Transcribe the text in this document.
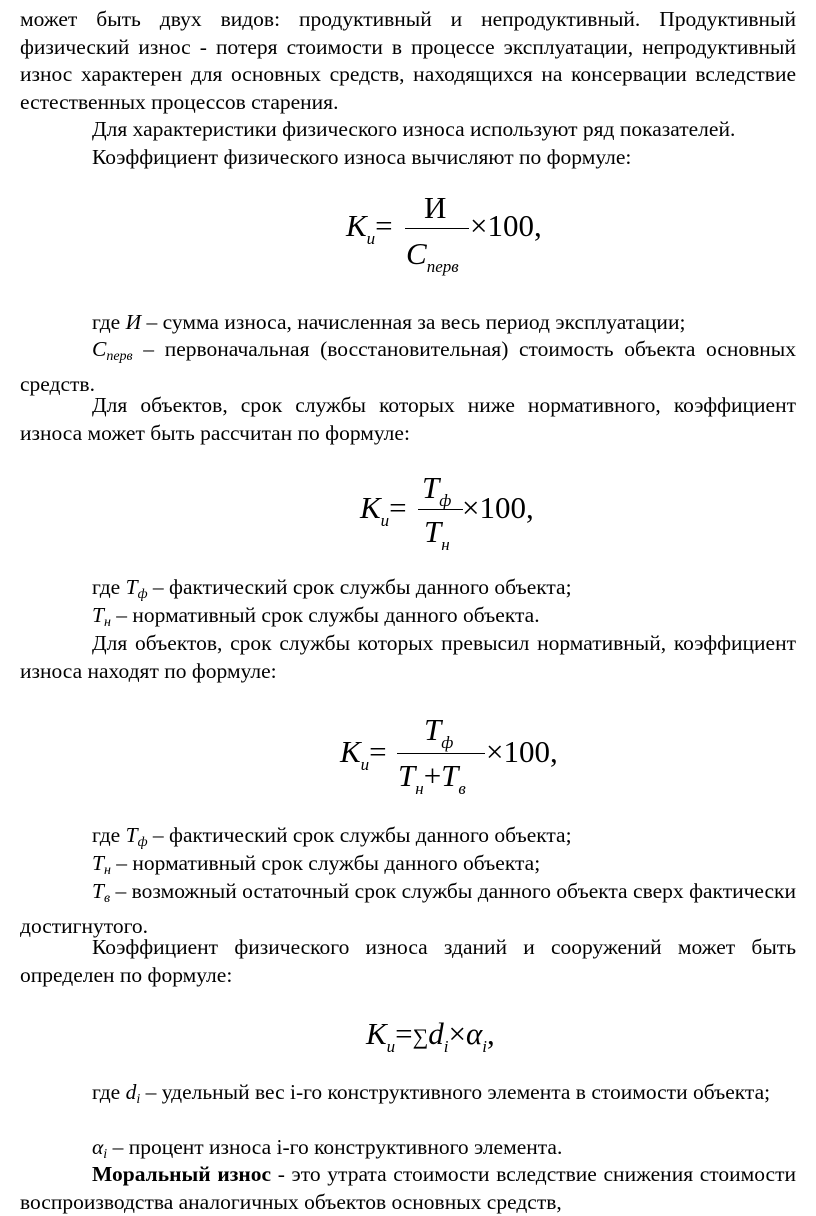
может быть двух видов: продуктивный и непродуктивный. Продуктивный физический износ - потеря стоимости в процессе эксплуатации, непродуктивный износ характерен для основных средств, находящихся на консервации вследствие естественных процессов старения.

Для характеристики физического износа используют ряд показателей.

Коэффициент физического износа вычисляют по формуле:

$К_и=$
И
$С_{перв}$
×100,

где И – сумма износа, начисленная за весь период эксплуатации;

$С_{перв}$ – первоначальная (восстановительная) стоимость объекта основных средств.

Для объектов, срок службы которых ниже нормативного, коэффициент износа может быть рассчитан по формуле:

$К_и=$
$Т_ф$
$Т_н$
×100,

где $Т_ф$ – фактический срок службы данного объекта;

$Т_н$ – нормативный срок службы данного объекта.

Для объектов, срок службы которых превысил нормативный, коэффициент износа находят по формуле:

$К_и=$
$Т_ф$
$Т_н+Т_в$
×100,

где $Т_ф$ – фактический срок службы данного объекта;

$Т_н$ – нормативный срок службы данного объекта;

$Т_в$ – возможный остаточный срок службы данного объекта сверх фактически достигнутого.

Коэффициент физического износа зданий и сооружений может быть определен по формуле:

$К_и=\sum d_i\times\alpha_i$,

где $d_i$ – удельный вес i-го конструктивного элемента в стоимости объекта;

$\alpha_i$ – процент износа i-го конструктивного элемента.

Моральный износ - это утрата стоимости вследствие снижения стоимости воспроизводства аналогичных объектов основных средств,
